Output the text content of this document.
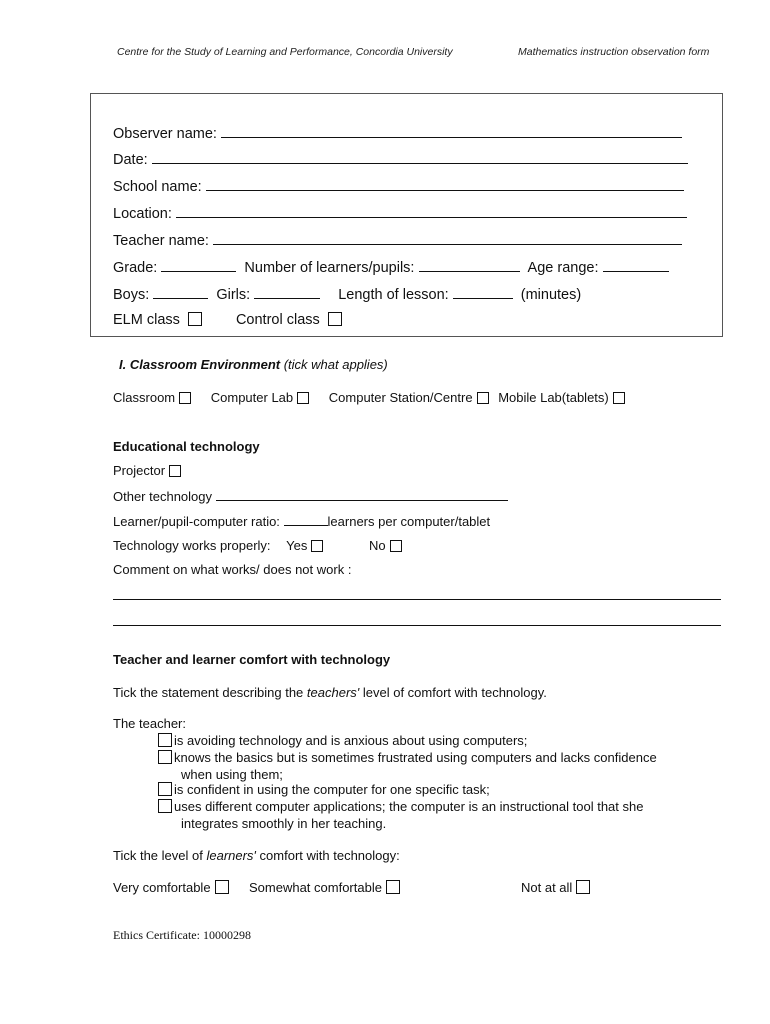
Centre for the Study of Learning and Performance, Concordia University	Mathematics instruction observation form
Observer name:
Date:
School name:
Location:
Teacher name:
Grade:	Number of learners/pupils:	Age range:
Boys:	Girls:	Length of lesson:	(minutes)
ELM class	Control class
I. Classroom Environment (tick what applies)
Classroom	Computer Lab	Computer Station/Centre Mobile Lab(tablets)
Educational technology
Projector
Other technology
Learner/pupil-computer ratio:	learners per computer/tablet
Technology works properly: Yes	No
Comment on what works/ does not work :
Teacher and learner comfort with technology
Tick the statement describing the teachers' level of comfort with technology.
The teacher:
is avoiding technology and is anxious about using computers;
knows the basics but is sometimes frustrated using computers and lacks confidence
when using them;
is confident in using the computer for one specific task;
uses different computer applications; the computer is an instructional tool that she
integrates smoothly in her teaching.
Tick the level of learners' comfort with technology:
Very comfortable	Somewhat comfortable	Not at all
Ethics Certificate: 10000298
